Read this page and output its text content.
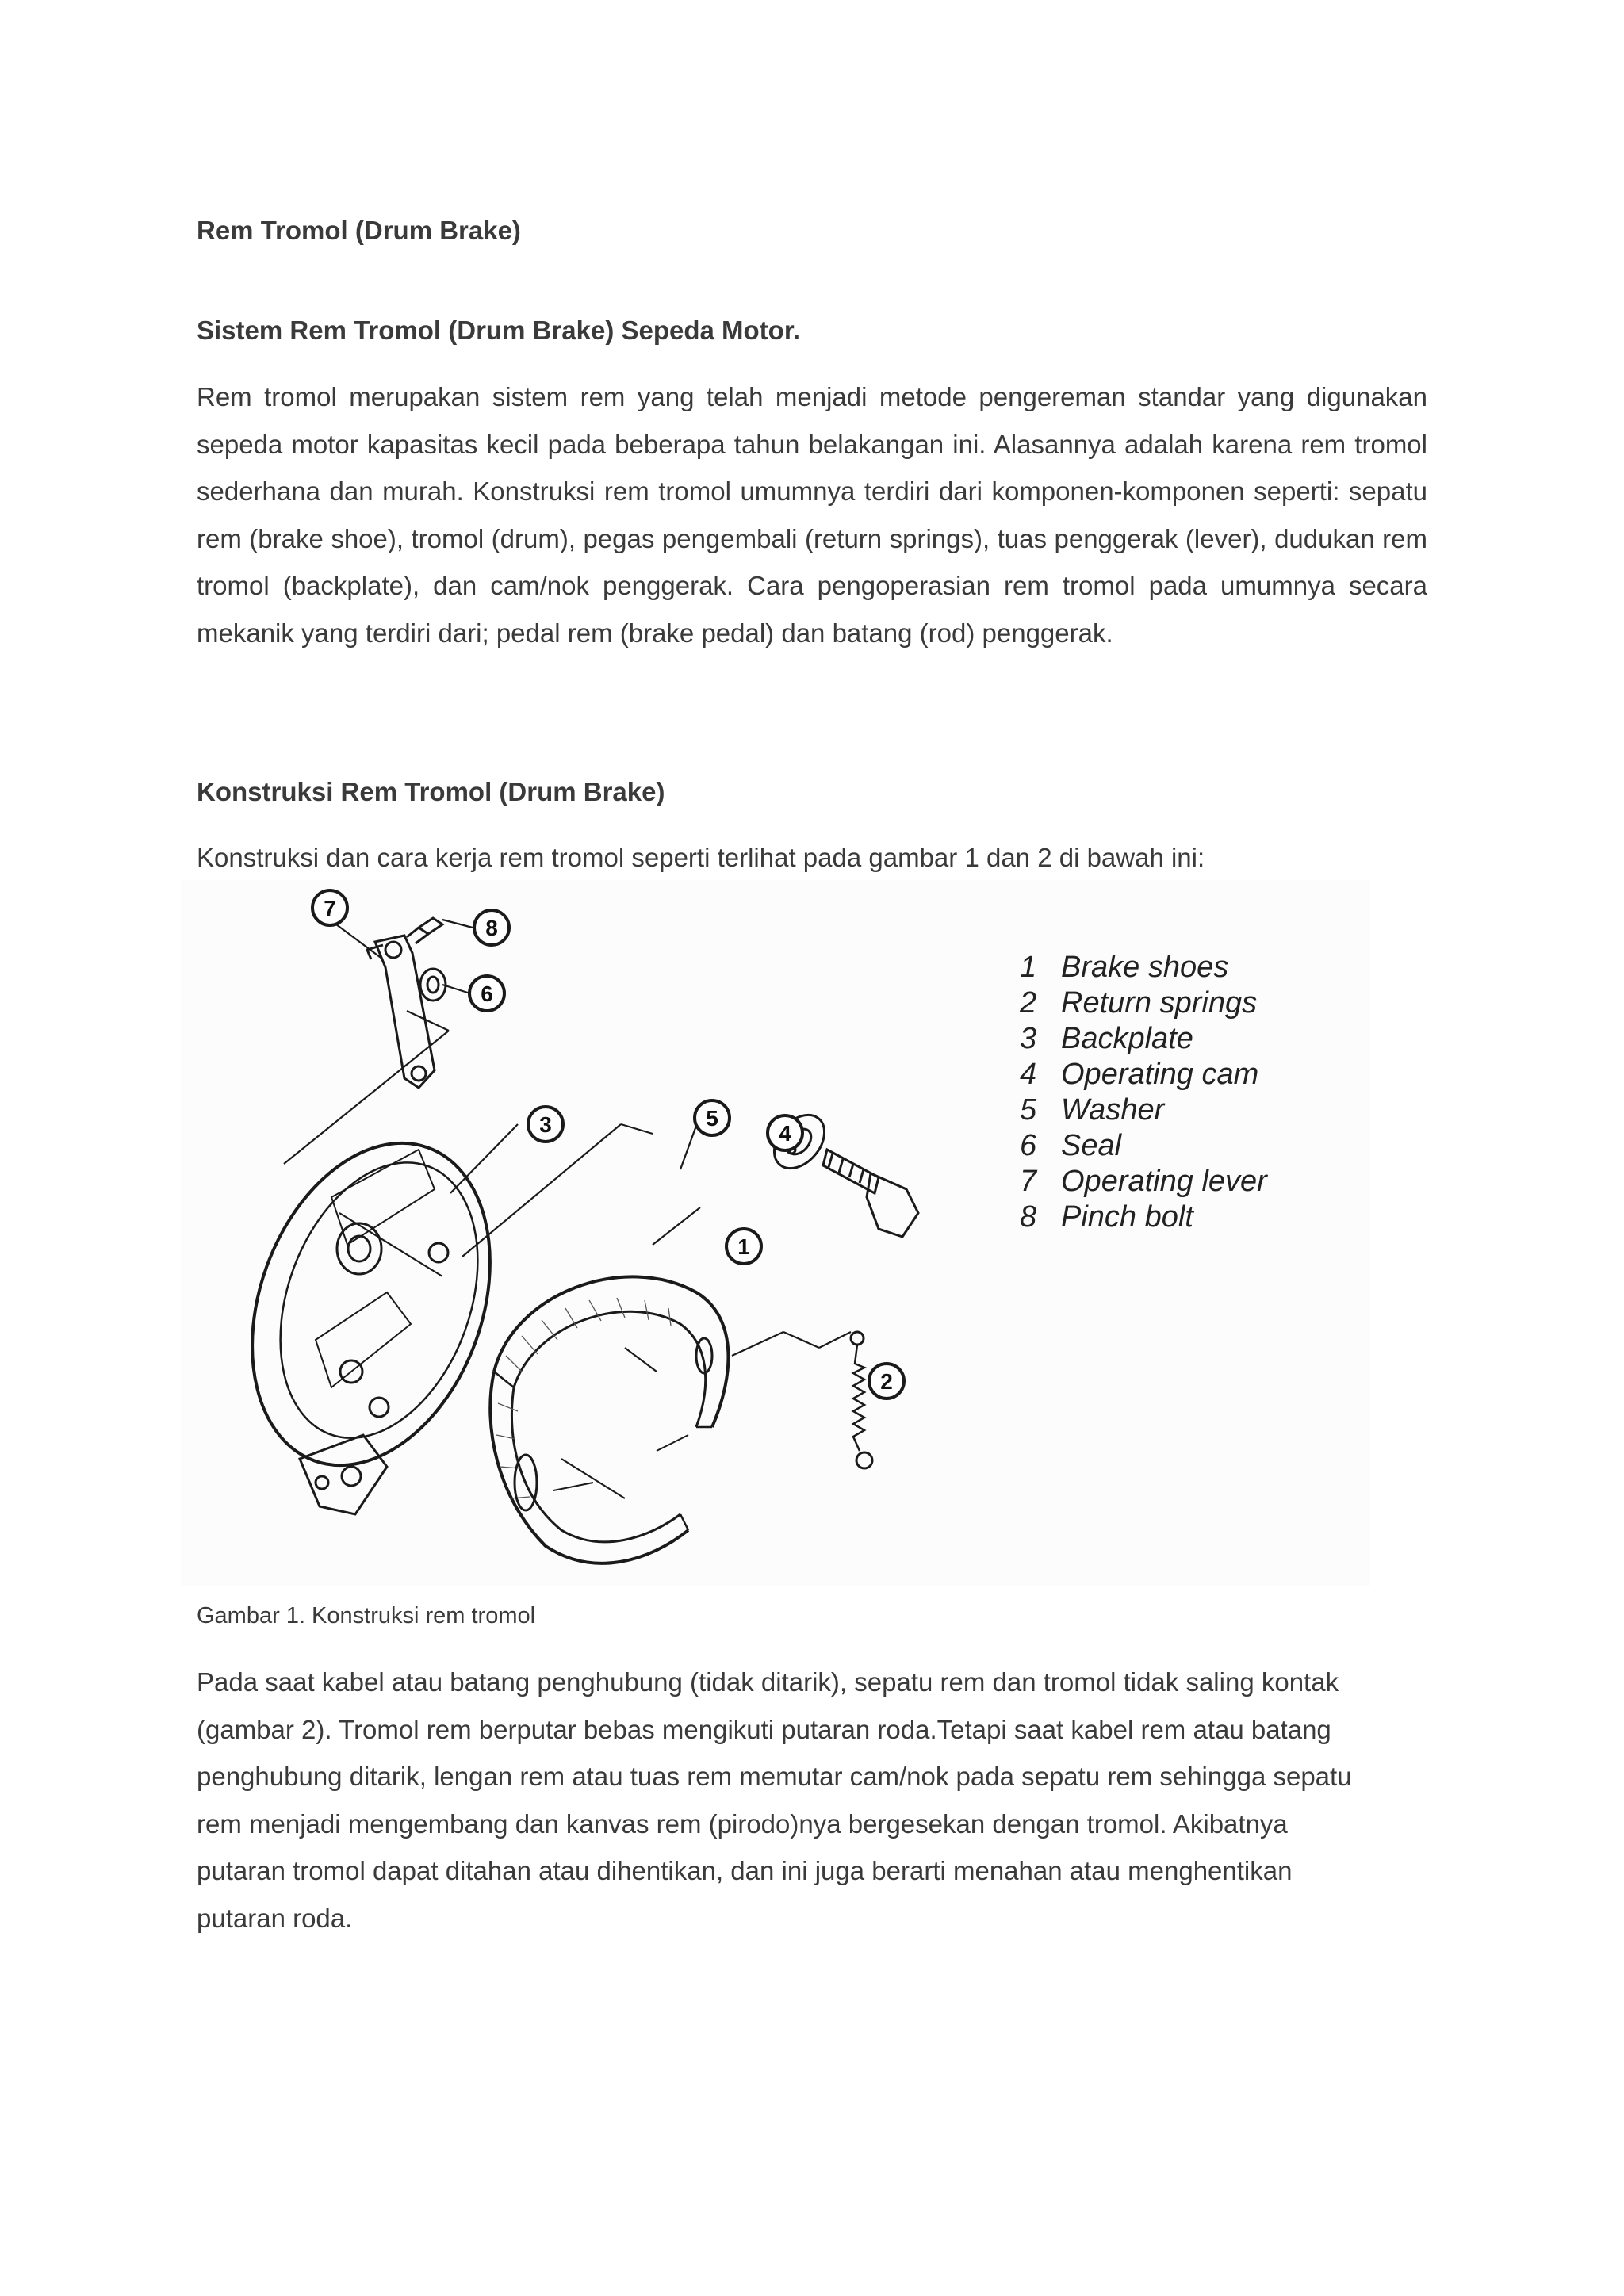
Rem Tromol (Drum Brake)
Sistem Rem Tromol (Drum Brake) Sepeda Motor.
Rem tromol merupakan sistem rem yang telah menjadi metode pengereman standar yang digunakan sepeda motor kapasitas kecil pada beberapa tahun belakangan ini. Alasannya adalah karena rem tromol sederhana dan murah. Konstruksi rem tromol umumnya terdiri dari komponen-komponen seperti: sepatu rem (brake shoe), tromol (drum), pegas pengembali (return springs), tuas penggerak (lever), dudukan rem tromol (backplate), dan cam/nok penggerak. Cara pengoperasian rem tromol pada umumnya secara mekanik yang terdiri dari; pedal rem (brake pedal) dan batang (rod) penggerak.
Konstruksi Rem Tromol (Drum Brake)
Konstruksi dan cara kerja rem tromol seperti terlihat pada gambar 1 dan 2 di bawah ini:
7
8
6
5
4
3
1
2
1 Brake shoes
2 Return springs
3 Backplate
4 Operating cam
5 Washer
6 Seal
7 Operating lever
8 Pinch bolt
Gambar 1. Konstruksi rem tromol
Pada saat kabel atau batang penghubung (tidak ditarik), sepatu rem dan tromol tidak saling kontak
(gambar 2). Tromol rem berputar bebas mengikuti putaran roda.Tetapi saat kabel rem atau batang
penghubung ditarik, lengan rem atau tuas rem memutar cam/nok pada sepatu rem sehingga sepatu
rem menjadi mengembang dan kanvas rem (pirodo)nya bergesekan dengan tromol. Akibatnya
putaran tromol dapat ditahan atau dihentikan, dan ini juga berarti menahan atau menghentikan
putaran roda.
